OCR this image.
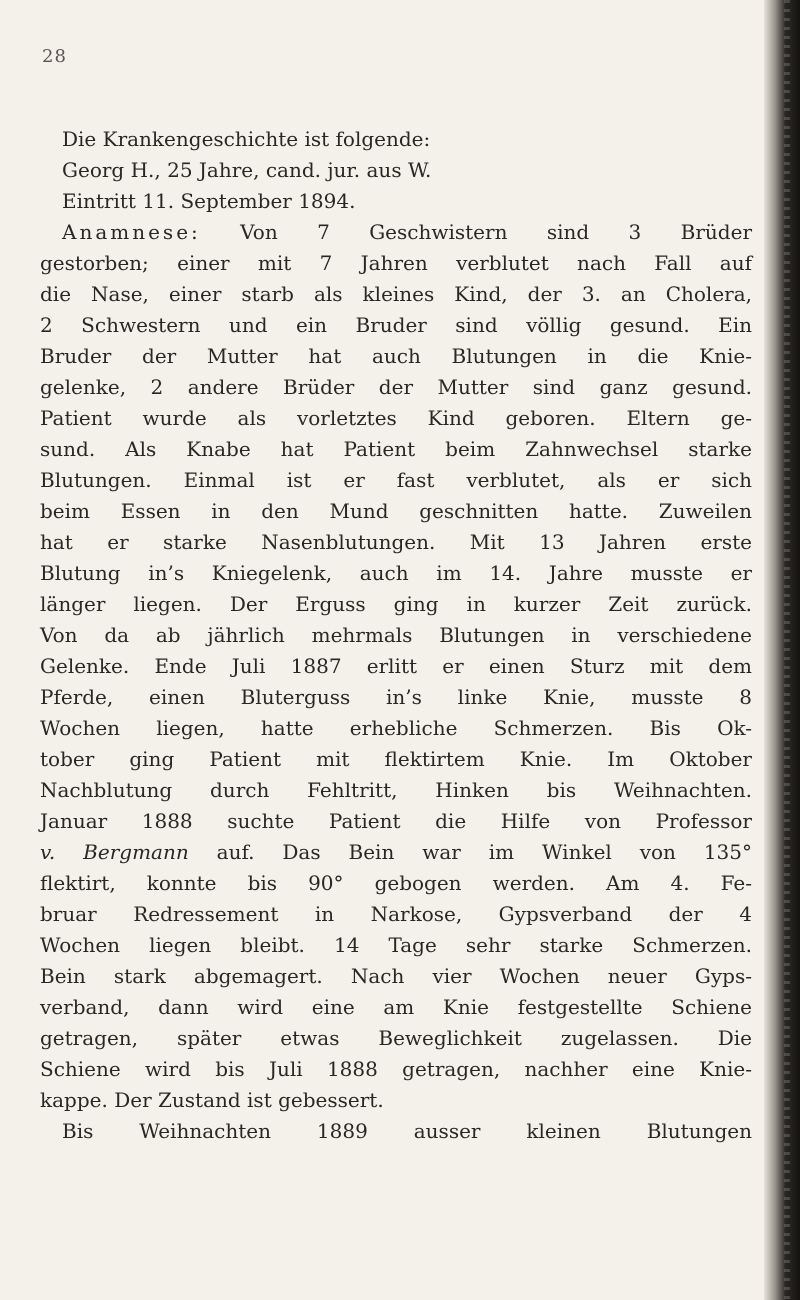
28
Die Krankengeschichte ist folgende:
Georg H., 25 Jahre, cand. jur. aus W.
Eintritt 11. September 1894.
Anamnese: Von 7 Geschwistern sind 3 Brüder
gestorben; einer mit 7 Jahren verblutet nach Fall auf
die Nase, einer starb als kleines Kind, der 3. an Cholera,
2 Schwestern und ein Bruder sind völlig gesund. Ein
Bruder der Mutter hat auch Blutungen in die Knie-
gelenke, 2 andere Brüder der Mutter sind ganz gesund.
Patient wurde als vorletztes Kind geboren. Eltern ge-
sund. Als Knabe hat Patient beim Zahnwechsel starke
Blutungen. Einmal ist er fast verblutet, als er sich
beim Essen in den Mund geschnitten hatte. Zuweilen
hat er starke Nasenblutungen. Mit 13 Jahren erste
Blutung in’s Kniegelenk, auch im 14. Jahre musste er
länger liegen. Der Erguss ging in kurzer Zeit zurück.
Von da ab jährlich mehrmals Blutungen in verschiedene
Gelenke. Ende Juli 1887 erlitt er einen Sturz mit dem
Pferde, einen Bluterguss in’s linke Knie, musste 8
Wochen liegen, hatte erhebliche Schmerzen. Bis Ok-
tober ging Patient mit flektirtem Knie. Im Oktober
Nachblutung durch Fehltritt, Hinken bis Weihnachten.
Januar 1888 suchte Patient die Hilfe von Professor
v. Bergmann auf. Das Bein war im Winkel von 135°
flektirt, konnte bis 90° gebogen werden. Am 4. Fe-
bruar Redressement in Narkose, Gypsverband der 4
Wochen liegen bleibt. 14 Tage sehr starke Schmerzen.
Bein stark abgemagert. Nach vier Wochen neuer Gyps-
verband, dann wird eine am Knie festgestellte Schiene
getragen, später etwas Beweglichkeit zugelassen. Die
Schiene wird bis Juli 1888 getragen, nachher eine Knie-
kappe. Der Zustand ist gebessert.
Bis Weihnachten 1889 ausser kleinen Blutungen
